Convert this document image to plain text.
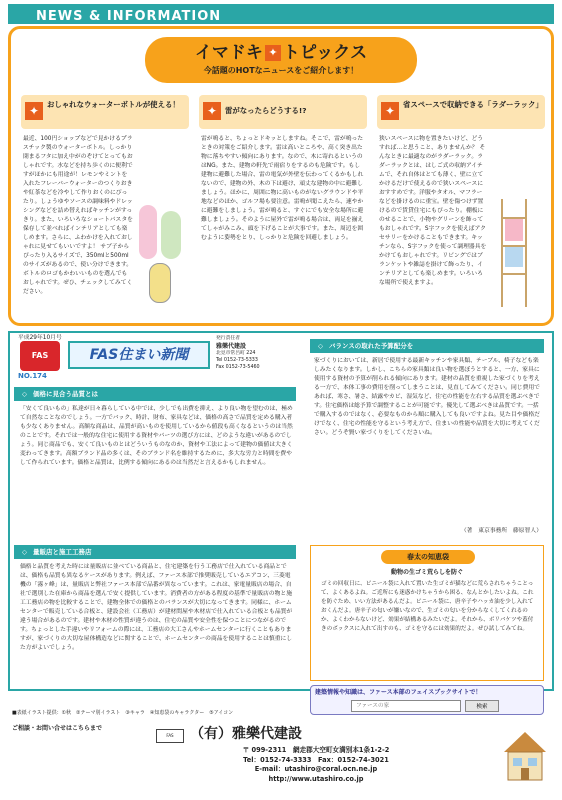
NEWS & INFORMATION
イマドキ ✦ トピックス
今話題のHOTなニュースをご紹介します！
✦	おしゃれなウォーターボトルが使える！
最近、100円ショップなどで見かけるプラスチック製のウォーターボトル。しっかり閉まるフタに加え中がのぞけてとってもおしゃれです。水などを持ち歩くのに便利ですがほかにも用途が！レモンやミントを入れたフレーバーウォーターのつくりおきや紅茶などを冷やして作りおくのにぴったり。しょうゆやソースの調味料やドレッシングなどを詰め替えればキッチンがすっきり。また、いろいろなショートパスタを保存して並べればインテリアとしても楽しめます。さらに、ふわかけを入れておしゃれに見せてもいいですよ！ サブ子からぴったり入るサイズで、350mlと500mlのサイズがあるので、使い分けできます。ボトルのロゴもかわいいものを選んでもおしゃれです。ぜひ、チェックしてみてください。
✦	雷がなったらどうする!?
雷が鳴ると、ちょっとドキッとしますね。そこで、雷が鳴ったときの対策をご紹介します。雷は高いところや、高く突き出た物に落ちやすい傾向にあります。なので、木に寄れるというのはNG。また、建物の軒先で雨宿りをするのも危険です。もし建物に避難した場合、雷の電気が外壁を伝わってくるかもしれないので、建物の外、木の下は避け、頑丈な建物の中に避難しましょう。ほかに、周囲に物に高いものがないグラウンドや平地などのほか、ゴルフ場も要注意。雷鳴が聞こえたら、速やかに避難をしましょう。雷が鳴ると、すぐにでも安全な場所に避難しましょう。そのように屋外で雷が鳴る場合は、両足を揃えてしゃがみこみ、頭を下げることが大事です。また、周辺を囲むように姿勢をとり、しっかりと危険を回避しましょう。
✦	省スペースで収納できる「ラダーラック」
狭いスペースに物を置きたいけど、どうすれば…と思うこと、ありませんか？ そんなときに最適なのがラダーラック。ラダーラックとは、はしご式の収納アイテムで、それ自体はとても薄く、壁に立てかけるだけで使えるので狭いスペースにおすすめです。洋服やタオル、マフラーなどを掛けるのに重宝。壁を傷つけず置けるので賃貸住宅にもぴったり。棚板にのせることで、小物やグリーンを飾ってもおしゃれです。S字フックを使えばアクセサリーをかけることもできます。キッチンなら、S字フックを使って調理器具をかけてもおしゃれです。リビングではブランケットや雑誌を掛けて飾ったり、インテリアとしても楽しめます。いろいろな場所で使えますよ。
平成29年10月号
FAS
NO.174
FAS住まい新聞
発行責任者
雅樂代建設
北見市常呂町 224
Tel 0152-73-5333
Fax 0152-73-5460
◇ 価格に見合う品質とは
「安くて良いもの」私達が日々暮らしている中では、少しでも出費を抑え、より良い物を望むのは、極めて自然なことなのでしょう。一方でバック、時計、財布、家具などは、価格の高さで品質を定める購入者も少なくありません。高額な商品は、品質が高いものを使用しているから値段も高くなるというのは当然のことです。それでは一般的な住宅に使用する資材やパーツの選び方には、どのような違いがあるのでしょう。同じ商品でも、安くて良いものとはどういうものなのか、資材や工法によって建物の価値は大きく変わってきます。高額ブランド品の多くは、そのブランド名を維持するために、多大な労力と時間を費やして作られています。価格と品質は、比例する傾向にあるのは当然だと言えるかもしれません。
◇ 量販店と施工工務店
価格と品質を考えた時には量販店に並べている商品と、住宅建築を行う工務店で仕入れている商品とでは、価格も品質も異なるケースがあります。例えば、ファース本部で推奨販売しているエアコン、三菱電機の「霧ヶ峰」は、量販店と弊社ファース本部で品番が異なっています。これは、家電量販店の場合、自社で選別した在庫から商品を選んで安く提供しています。消費者の方がある程度の基準で量販店の物と施工工務店の物を比較することで、建物全体での価格とのバランスが大切になってきます。同様に、ホームセンターで販売している合板と、建設会社（工務店）が建材問屋や木材店で仕入れている合板とも品質が違う場合があるのです。建材や木材の性質が違うのは、住宅の品質や安全性を保つことにつながるのです。ちょっとした手違いやリフォームの際には、工務店の大工さんやホームセンターに行くこともありますが、家づくりの大切な屋体構造などに関することで、ホームセンターの商品を使用することは慎重にした方がよいでしょう。
◇ バランスの取れた予算配分を
家づくりにおいては、新居で使用する最新キッチンや家具類、テーブル、椅子なども楽しみたくなります。しかし、こちらの家具類は良い物を選ぼうとすると、一方、家具に使用する資材の予算が削られる傾向にあります。建材の品質を重視した家づくりを考える一方で、本体工事の費用を削ってしまうことは、見直してみてください。同じ費用であれば、寒さ、暑さ、結露やカビ、湿気など、住宅の性能を左右する品質を選ぶべきです。住宅価格は総予算で調整することが可能です。優先して選ぶべきは品質です。一括で購入するのではなく、必要なものから順に購入しても良いですよね。見た目や価格だけでなく、住宅の性能を守るという考え方で、住まいの性能や品質を大切に考えてください。どうぞ賢い家づくりをしてくださいね。
（著　東京事務所　藤原智人）
春太の知恵袋
動物の生ゴミ荒らしを防ぐ
ゴミの回収日に、ビニール袋に入れて置いた生ゴミが猫などに荒らされちゃうことって、よくあるよね。ご近所にも迷惑かけちゃうから困る、なんとかしたいよね。これを防ぐため、いい方法があるんだよ。ビニール袋に、唐辛子やハッカ油を少し入れておくんだよ。唐辛子の匂いが嫌いなので、生ゴミの匂いを分からなくしてくれるのか、よくわからないけど、効果が結構あるみたいだよ。それから、ボリバケツや蓋付きのボックスに入れて出すのも、ゴミを守るには効果的だよ。ぜひ試してみてね。
建築情報や知識は、ファース本部のフェイスブックサイトで！
ファースの家
検索
■表紙イラスト提供：①秋　②テーマ別イラスト　③キャラ　④知恵袋のキャラクター　⑤アイコン
ご相談・お問い合せはこちらまで
FAS	（有）雅樂代建設
〒 099-2311　網走郡大空町女満別本1条1-2-2
Tel：0152-74-3333　Fax：0152-74-3021
E-mail：utashiro@coral.ocn.ne.jp
http://www.utashiro.co.jp
